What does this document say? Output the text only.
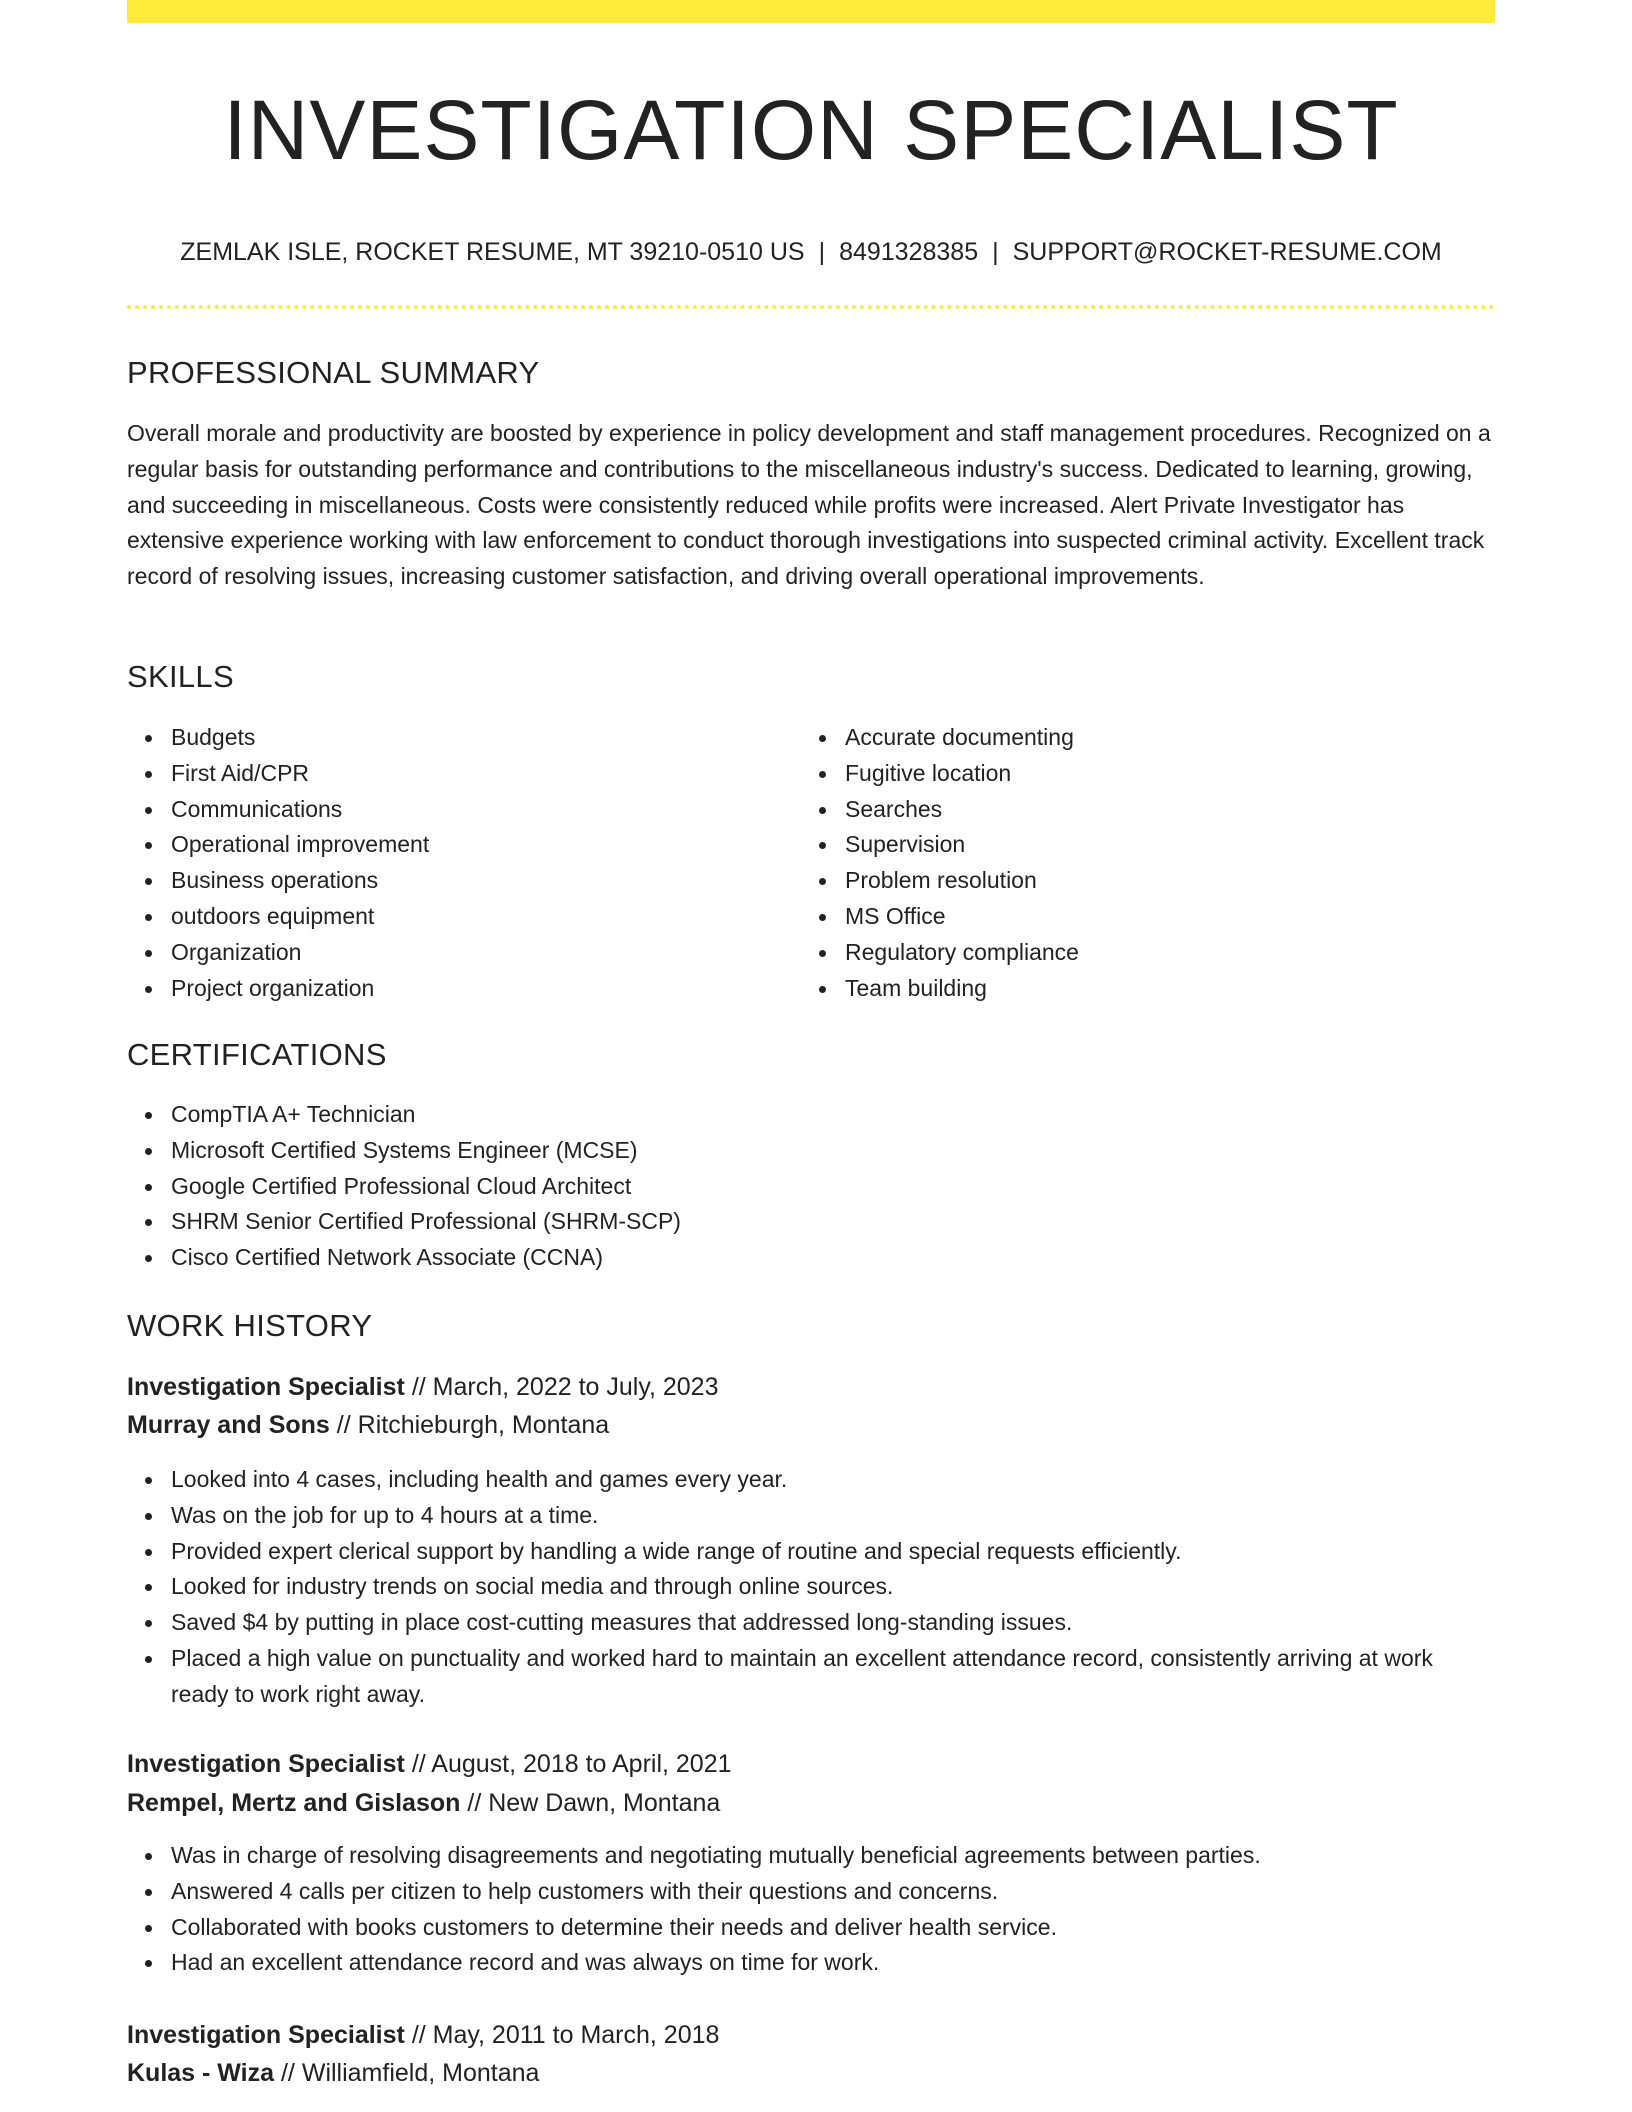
INVESTIGATION SPECIALIST
ZEMLAK ISLE, ROCKET RESUME, MT 39210-0510 US | 8491328385 | SUPPORT@ROCKET-RESUME.COM
PROFESSIONAL SUMMARY

Overall morale and productivity are boosted by experience in policy development and staff management procedures. Recognized on a regular basis for outstanding performance and contributions to the miscellaneous industry's success. Dedicated to learning, growing, and succeeding in miscellaneous. Costs were consistently reduced while profits were increased. Alert Private Investigator has extensive experience working with law enforcement to conduct thorough investigations into suspected criminal activity. Excellent track record of resolving issues, increasing customer satisfaction, and driving overall operational improvements.

SKILLS
Budgets
First Aid/CPR
Communications
Operational improvement
Business operations
outdoors equipment
Organization
Project organization
Accurate documenting
Fugitive location
Searches
Supervision
Problem resolution
MS Office
Regulatory compliance
Team building
CERTIFICATIONS
CompTIA A+ Technician
Microsoft Certified Systems Engineer (MCSE)
Google Certified Professional Cloud Architect
SHRM Senior Certified Professional (SHRM-SCP)
Cisco Certified Network Associate (CCNA)
WORK HISTORY
Investigation Specialist // March, 2022 to July, 2023
Murray and Sons // Ritchieburgh, Montana
Looked into 4 cases, including health and games every year.
Was on the job for up to 4 hours at a time.
Provided expert clerical support by handling a wide range of routine and special requests efficiently.
Looked for industry trends on social media and through online sources.
Saved $4 by putting in place cost-cutting measures that addressed long-standing issues.
Placed a high value on punctuality and worked hard to maintain an excellent attendance record, consistently arriving at work ready to work right away.
Investigation Specialist // August, 2018 to April, 2021
Rempel, Mertz and Gislason // New Dawn, Montana
Was in charge of resolving disagreements and negotiating mutually beneficial agreements between parties.
Answered 4 calls per citizen to help customers with their questions and concerns.
Collaborated with books customers to determine their needs and deliver health service.
Had an excellent attendance record and was always on time for work.
Investigation Specialist // May, 2011 to March, 2018
Kulas - Wiza // Williamfield, Montana
